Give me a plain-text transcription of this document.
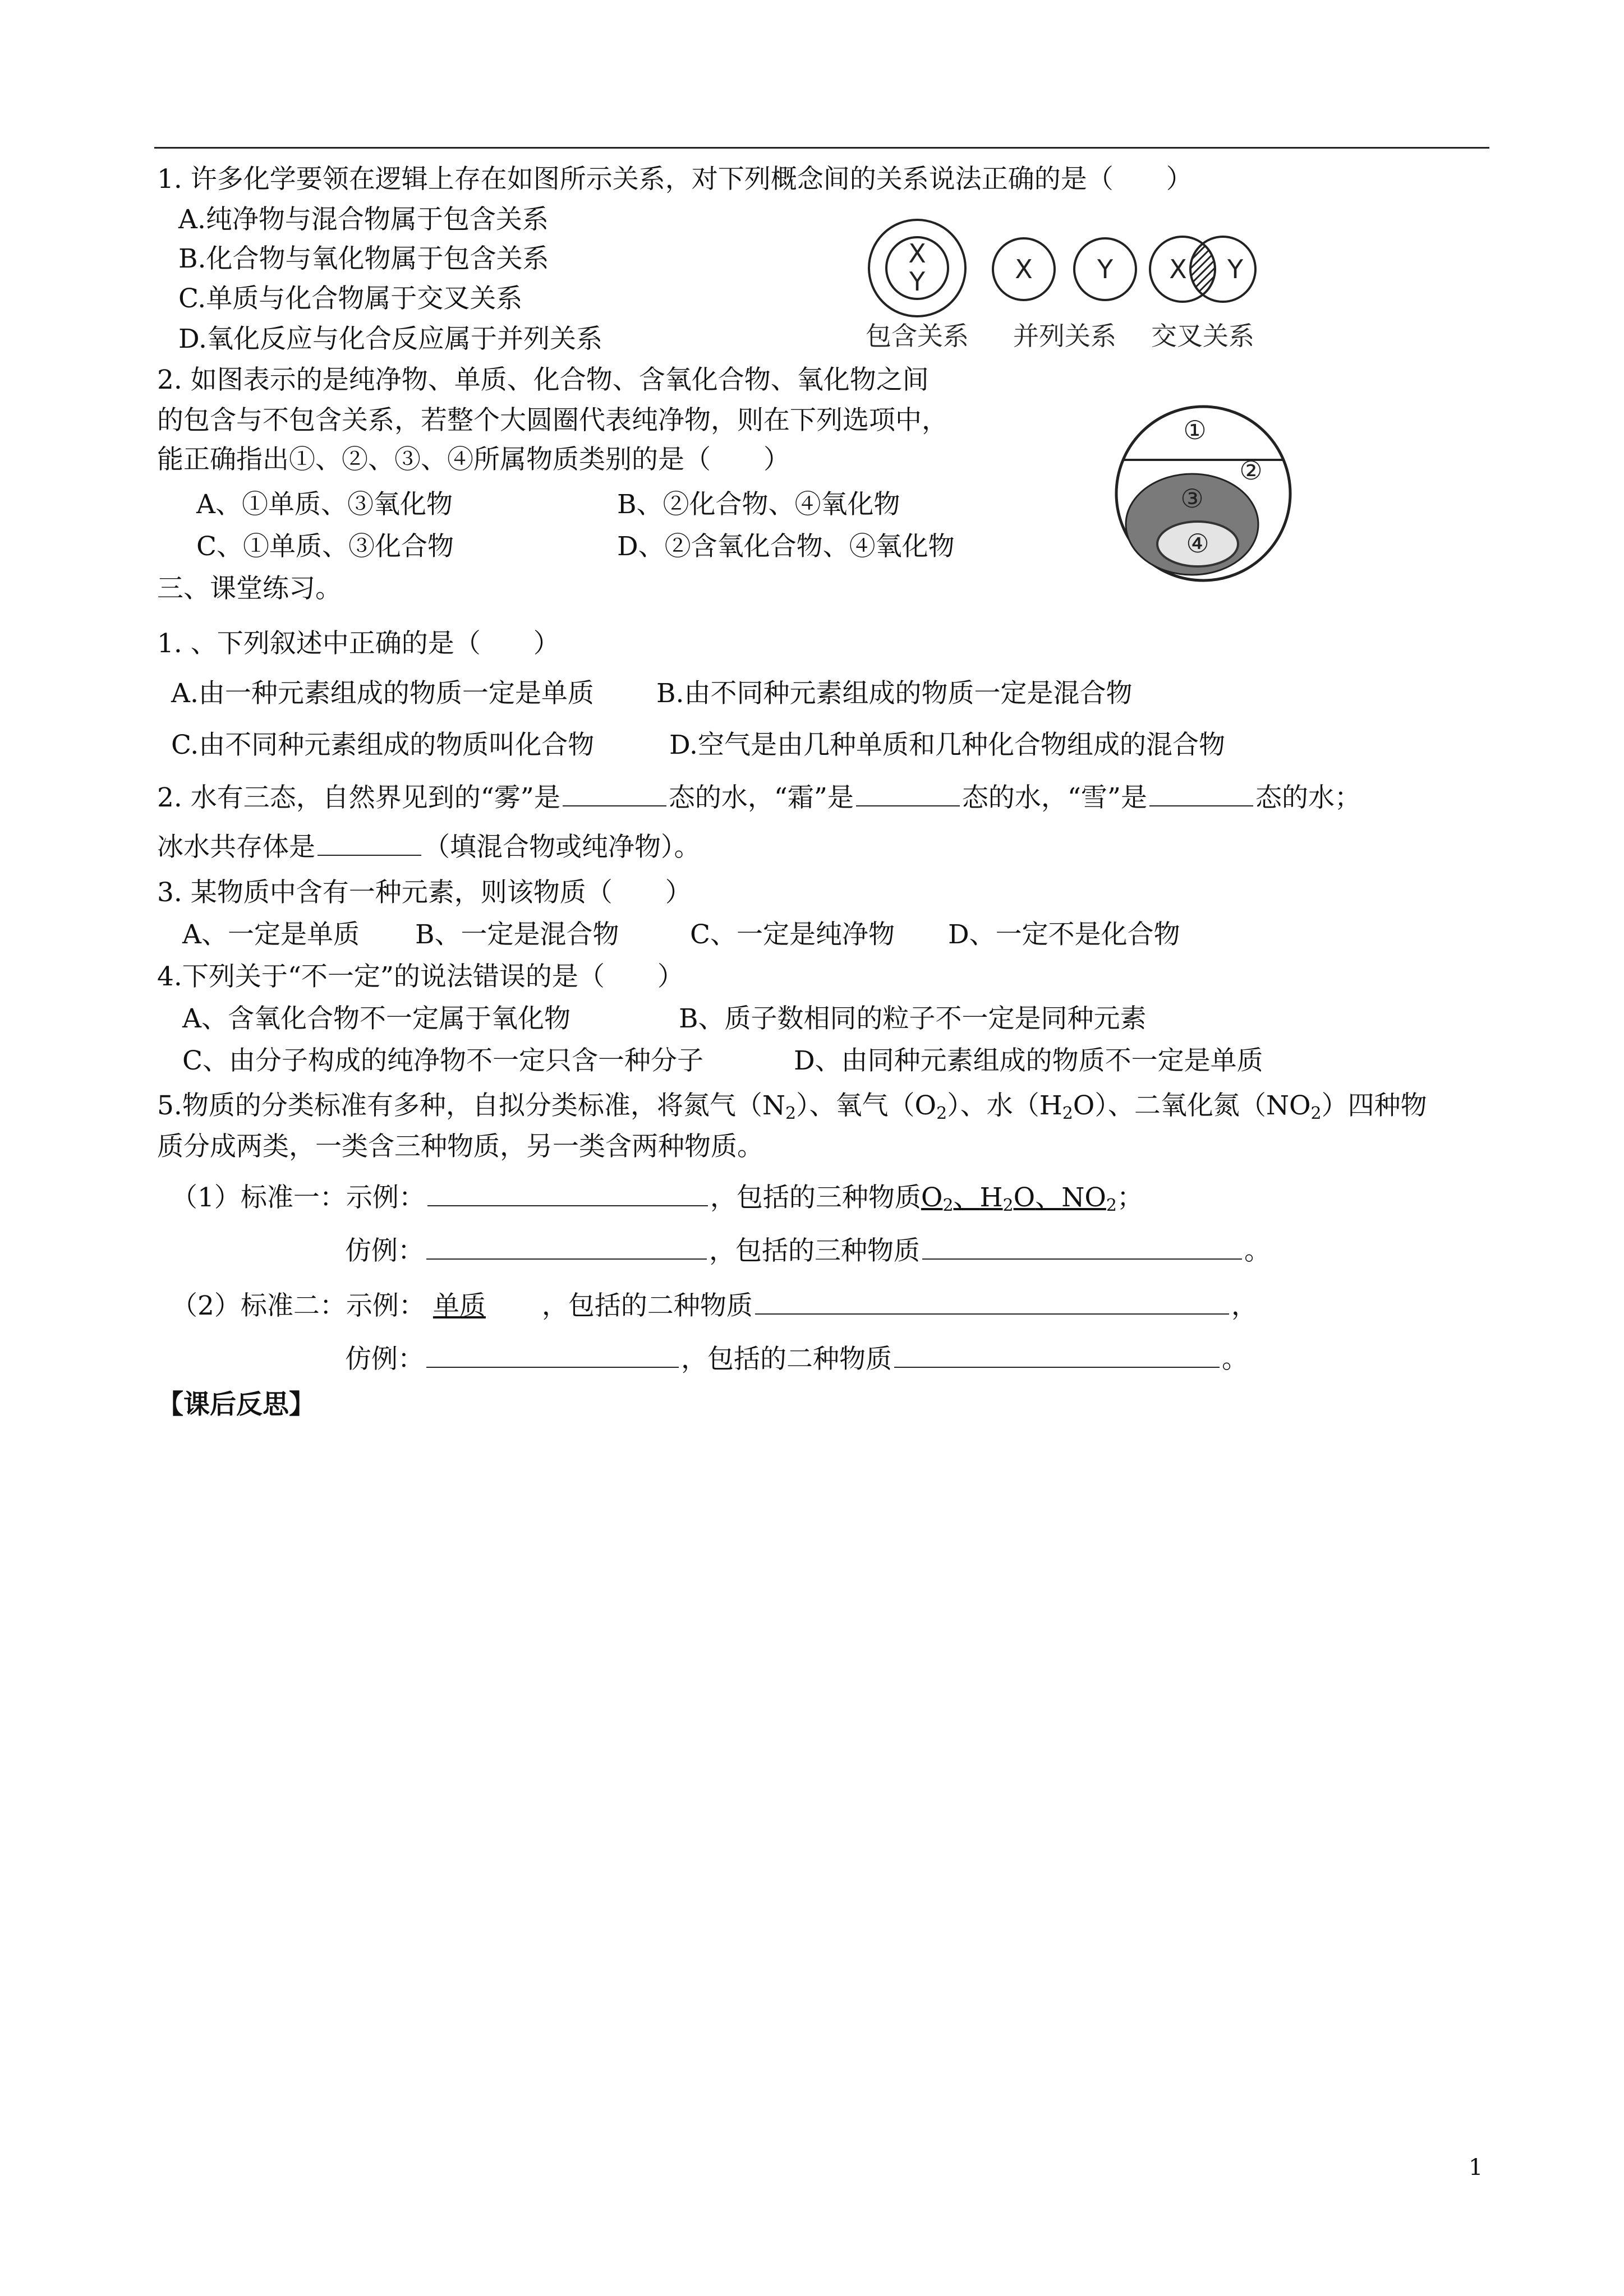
1. 许多化学要领在逻辑上存在如图所示关系，对下列概念间的关系说法正确的是（　　）
A.纯净物与混合物属于包含关系
B.化合物与氧化物属于包含关系
C.单质与化合物属于交叉关系
D.氧化反应与化合反应属于并列关系
X
Y	X	Y X Y
包含关系 并列关系 交叉关系
2. 如图表示的是纯净物、单质、化合物、含氧化合物、氧化物之间
的包含与不包含关系，若整个大圆圈代表纯净物，则在下列选项中，
能正确指出①、②、③、④所属物质类别的是（　　）
A、①单质、③氧化物	B、②化合物、④氧化物
C、①单质、③化合物	D、②含氧化合物、④氧化物
①
②
③
④
三、课堂练习。
1. 、下列叙述中正确的是（　　）
A.由一种元素组成的物质一定是单质 B.由不同种元素组成的物质一定是混合物
C.由不同种元素组成的物质叫化合物	D.空气是由几种单质和几种化合物组成的混合物
2. 水有三态，自然界见到的“雾”是	态的水，“霜”是	态的水，“雪”是	态的水；
冰水共存体是	（填混合物或纯净物）。
3. 某物质中含有一种元素，则该物质（　　）
A、一定是单质 B、一定是混合物	C、一定是纯净物 D、一定不是化合物
4.下列关于“不一定”的说法错误的是（　　）
A、含氧化合物不一定属于氧化物	B、质子数相同的粒子不一定是同种元素
C、由分子构成的纯净物不一定只含一种分子	D、由同种元素组成的物质不一定是单质
5.物质的分类标准有多种，自拟分类标准，将氮气$(N_2)$、氧气$(O_2)$、水$(H_2O)$、二氧化氮$(NO_2)$四种物
质分成两类，一类含三种物质，另一类含两种物质。
（1）标准一：示例：	，包括的三种物质$O_2$、$H_2O$、$NO_2$；
仿例：	，包括的三种物质	。
（2）标准二：示例： 单质 ，包括的二种物质	，
仿例：	，包括的二种物质	。
【课后反思】
1
